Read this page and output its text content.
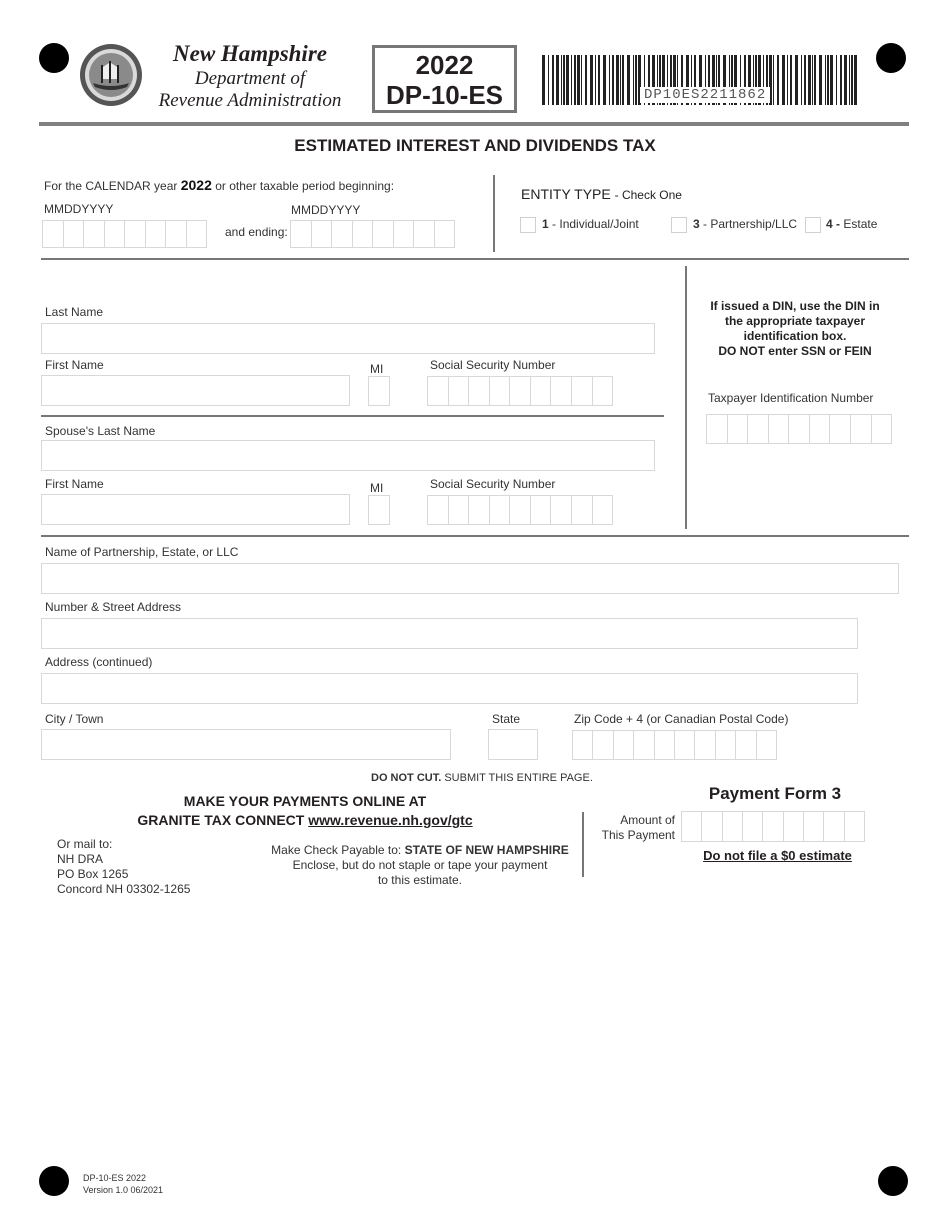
New Hampshire
Department of
Revenue Administration
2022
DP-10-ES	DP10ES2211862
ESTIMATED INTEREST AND DIVIDENDS TAX
For the CALENDAR year 2022 or other taxable period beginning:
MMDDYYYY
and ending:
MMDDYYYY
ENTITY TYPE - Check One
1 - Individual/Joint	3 - Partnership/LLC 4 - Estate
Last Name
First Name	MI	Social Security Number
Spouse's Last Name
First Name	MI	Social Security Number
If issued a DIN, use the DIN in
the appropriate taxpayer
identification box.
DO NOT enter SSN or FEIN
Taxpayer Identification Number
Name of Partnership, Estate, or LLC
Number & Street Address
Address (continued)
City / Town	State	Zip Code + 4 (or Canadian Postal Code)
DO NOT CUT. SUBMIT THIS ENTIRE PAGE.
MAKE YOUR PAYMENTS ONLINE AT
GRANITE TAX CONNECT www.revenue.nh.gov/gtc
Or mail to:
NH DRA
PO Box 1265
Concord NH 03302-1265
Make Check Payable to: STATE OF NEW HAMPSHIRE
Enclose, but do not staple or tape your payment
to this estimate.
Payment Form 3
Amount of
This Payment
Do not file a $0 estimate
DP-10-ES 2022
Version 1.0 06/2021
